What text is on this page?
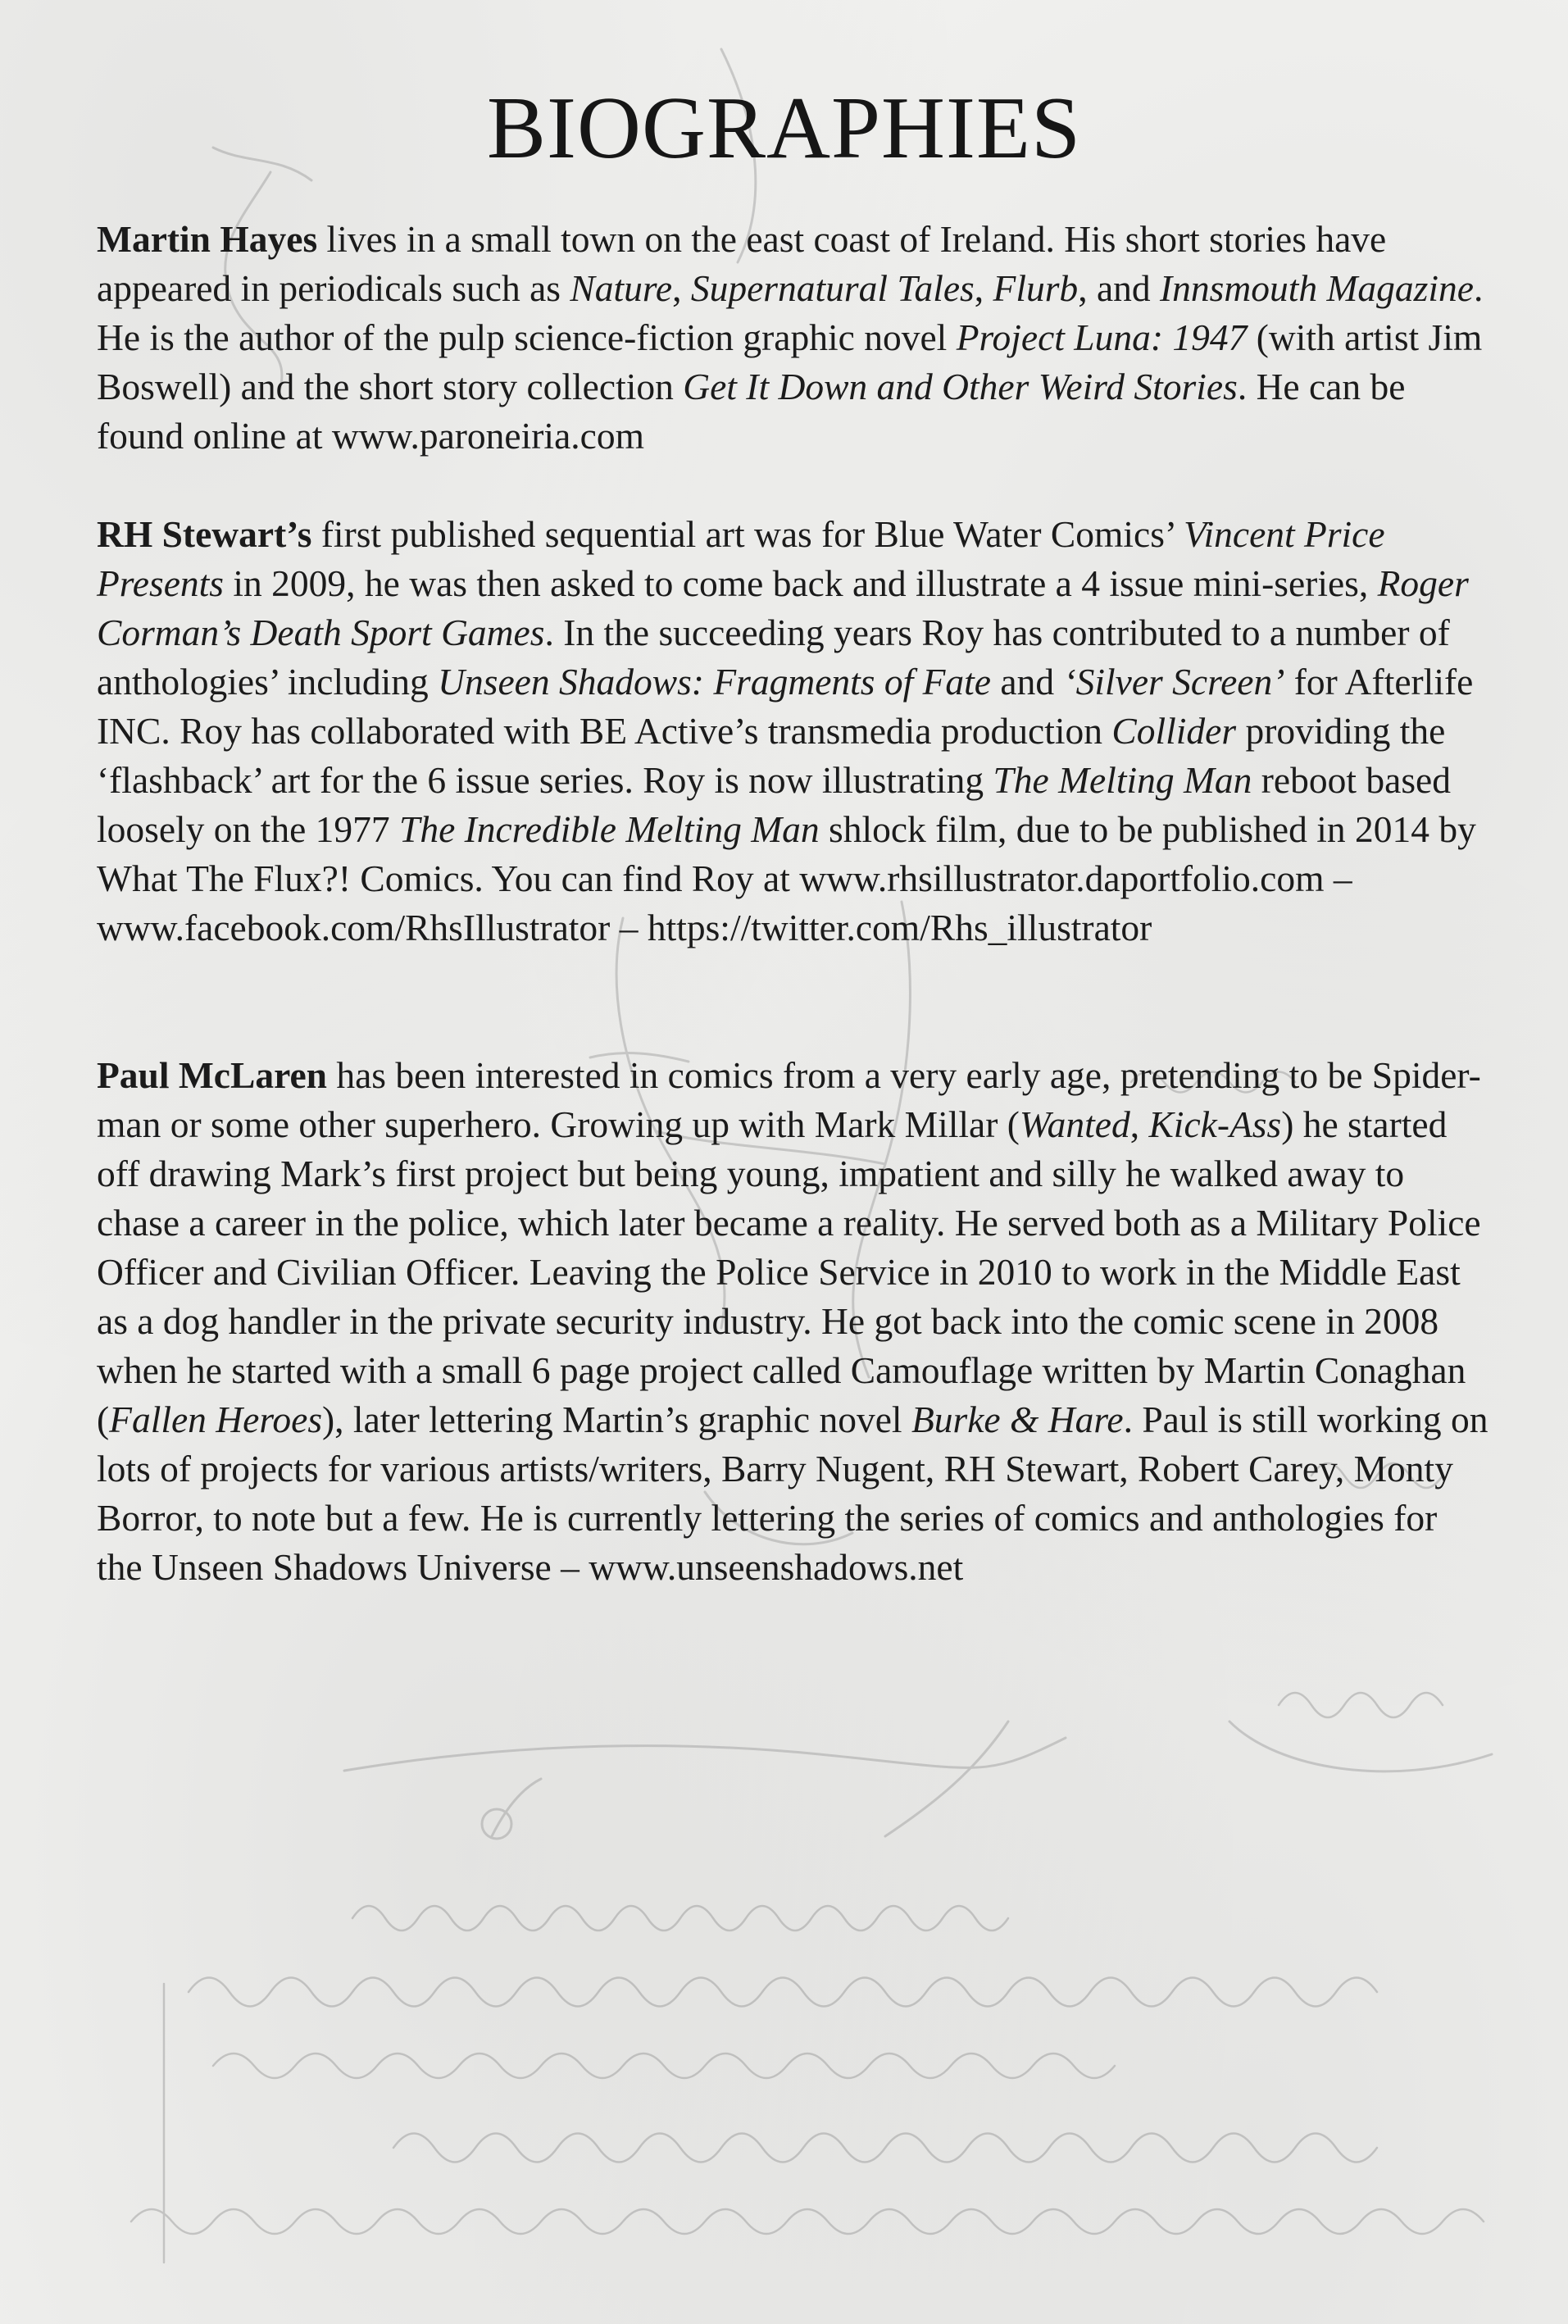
BIOGRAPHIES

Martin Hayes lives in a small town on the east coast of Ireland. His short stories have appeared in periodicals such as Nature, Supernatural Tales, Flurb, and Innsmouth Magazine. He is the author of the pulp science-fiction graphic novel Project Luna: 1947 (with artist Jim Boswell) and the short story collection Get It Down and Other Weird Stories. He can be found online at www.paroneiria.com

RH Stewart’s first published sequential art was for Blue Water Comics’ Vincent Price Presents in 2009, he was then asked to come back and illustrate a 4 issue mini-series, Roger Corman’s Death Sport Games. In the succeeding years Roy has contributed to a number of anthologies’ including Unseen Shadows: Fragments of Fate and ‘Silver Screen’ for Afterlife INC. Roy has collaborated with BE Active’s transmedia production Collider providing the ‘flashback’ art for the 6 issue series. Roy is now illustrating The Melting Man reboot based loosely on the 1977 The Incredible Melting Man shlock film, due to be published in 2014 by What The Flux?! Comics. You can find Roy at www.rhsillustrator.daportfolio.com – www.facebook.com/RhsIllustrator – https://twitter.com/Rhs_illustrator

Paul McLaren has been interested in comics from a very early age, pretending to be Spider-man or some other superhero. Growing up with Mark Millar (Wanted, Kick-Ass) he started off drawing Mark’s first project but being young, impatient and silly he walked away to chase a career in the police, which later became a reality. He served both as a Military Police Officer and Civilian Officer. Leaving the Police Service in 2010 to work in the Middle East as a dog handler in the private security industry. He got back into the comic scene in 2008 when he started with a small 6 page project called Camouflage written by Martin Conaghan (Fallen Heroes), later lettering Martin’s graphic novel Burke & Hare. Paul is still working on lots of projects for various artists/writers, Barry Nugent, RH Stewart, Robert Carey, Monty Borror, to note but a few. He is currently lettering the series of comics and anthologies for the Unseen Shadows Universe – www.unseenshadows.net
